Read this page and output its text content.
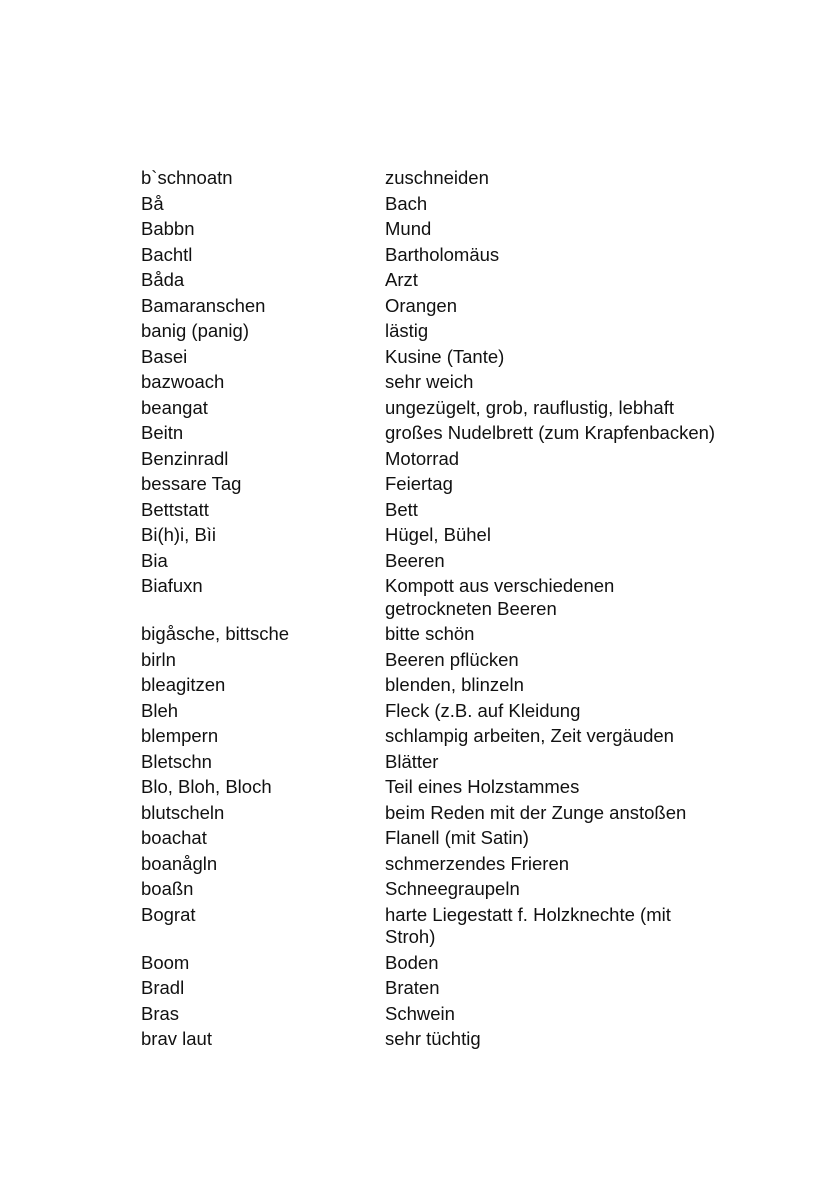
b`schnoatn	zuschneiden
Bå	Bach
Babbn	Mund
Bachtl	Bartholomäus
Båda	Arzt
Bamaranschen	Orangen
banig (panig)	lästig
Basei	Kusine (Tante)
bazwoach	sehr weich
beangat	ungezügelt, grob, rauflustig, lebhaft
Beitn	großes Nudelbrett (zum Krapfenbacken)
Benzinradl	Motorrad
bessare Tag	Feiertag
Bettstatt	Bett
Bi(h)i, Bìi	Hügel, Bühel
Bia	Beeren
Biafuxn	Kompott aus verschiedenen getrockneten Beeren
bigåsche, bittsche	bitte schön
birln	Beeren pflücken
bleagitzen	blenden, blinzeln
Bleh	Fleck (z.B. auf Kleidung
blempern	schlampig arbeiten, Zeit vergäuden
Bletschn	Blätter
Blo, Bloh, Bloch	Teil eines Holzstammes
blutscheln	beim Reden mit der Zunge anstoßen
boachat	Flanell (mit Satin)
boanågln	schmerzendes Frieren
boaßn	Schneegraupeln
Bograt	harte Liegestatt f. Holzknechte (mit Stroh)
Boom	Boden
Bradl	Braten
Bras	Schwein
brav laut	sehr tüchtig
